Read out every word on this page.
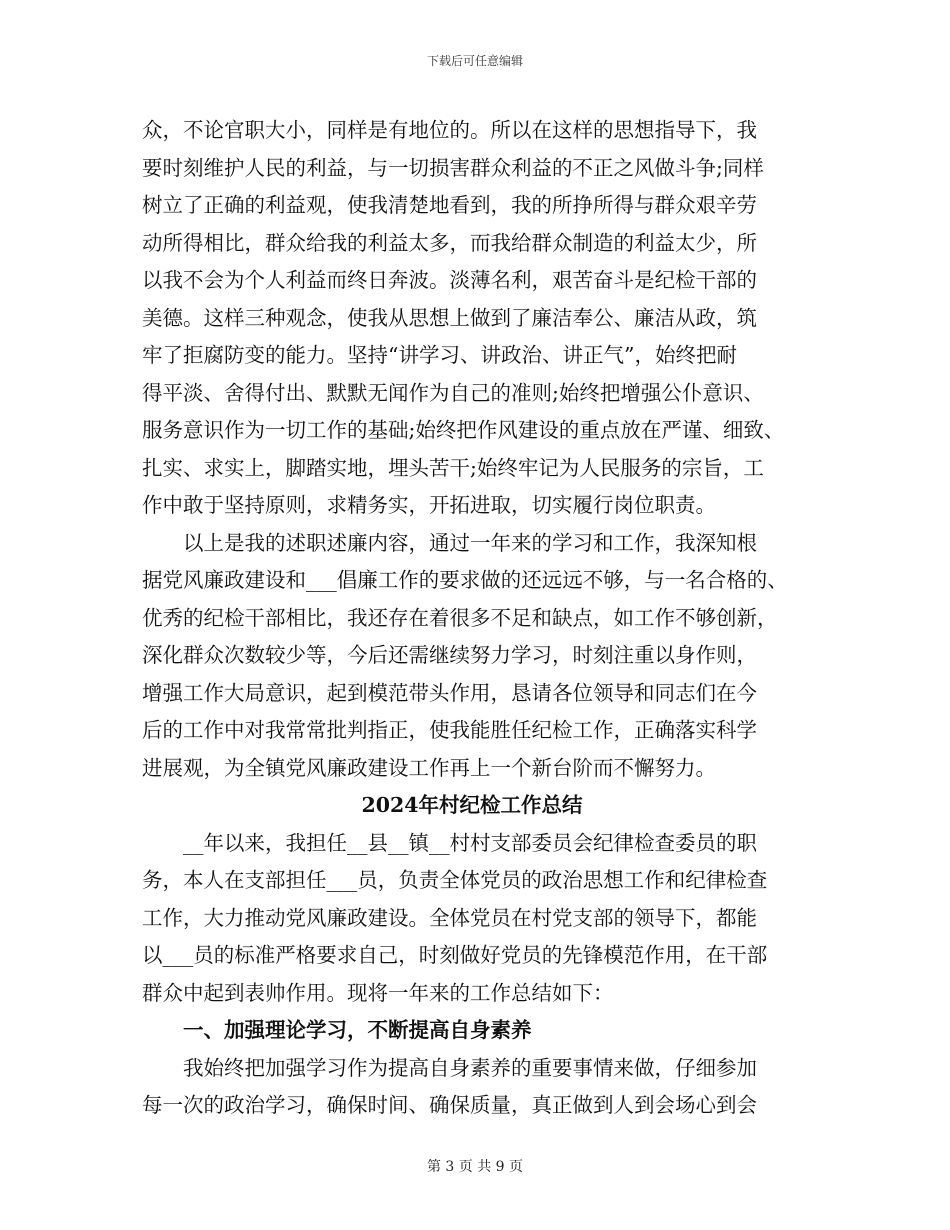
下载后可任意编辑
众，不论官职大小，同样是有地位的。所以在这样的思想指导下，我
要时刻维护人民的利益，与一切损害群众利益的不正之风做斗争;同样
树立了正确的利益观，使我清楚地看到，我的所挣所得与群众艰辛劳
动所得相比，群众给我的利益太多，而我给群众制造的利益太少，所
以我不会为个人利益而终日奔波。淡薄名利，艰苦奋斗是纪检干部的
美德。这样三种观念，使我从思想上做到了廉洁奉公、廉洁从政，筑
牢了拒腐防变的能力。坚持“讲学习、讲政治、讲正气”，始终把耐
得平淡、舍得付出、默默无闻作为自己的准则;始终把增强公仆意识、
服务意识作为一切工作的基础;始终把作风建设的重点放在严谨、细致、
扎实、求实上，脚踏实地，埋头苦干;始终牢记为人民服务的宗旨，工
作中敢于坚持原则，求精务实，开拓进取，切实履行岗位职责。
以上是我的述职述廉内容，通过一年来的学习和工作，我深知根
据党风廉政建设和___倡廉工作的要求做的还远远不够，与一名合格的、
优秀的纪检干部相比，我还存在着很多不足和缺点，如工作不够创新，
深化群众次数较少等，今后还需继续努力学习，时刻注重以身作则，
增强工作大局意识，起到模范带头作用，恳请各位领导和同志们在今
后的工作中对我常常批判指正，使我能胜任纪检工作，正确落实科学
进展观，为全镇党风廉政建设工作再上一个新台阶而不懈努力。
2024年村纪检工作总结
__年以来，我担任__县__镇__村村支部委员会纪律检查委员的职
务，本人在支部担任___员，负责全体党员的政治思想工作和纪律检查
工作，大力推动党风廉政建设。全体党员在村党支部的领导下，都能
以___员的标准严格要求自己，时刻做好党员的先锋模范作用，在干部
群众中起到表帅作用。现将一年来的工作总结如下：
一、加强理论学习，不断提高自身素养
我始终把加强学习作为提高自身素养的重要事情来做，仔细参加
每一次的政治学习，确保时间、确保质量，真正做到人到会场心到会
第 3 页 共 9 页
